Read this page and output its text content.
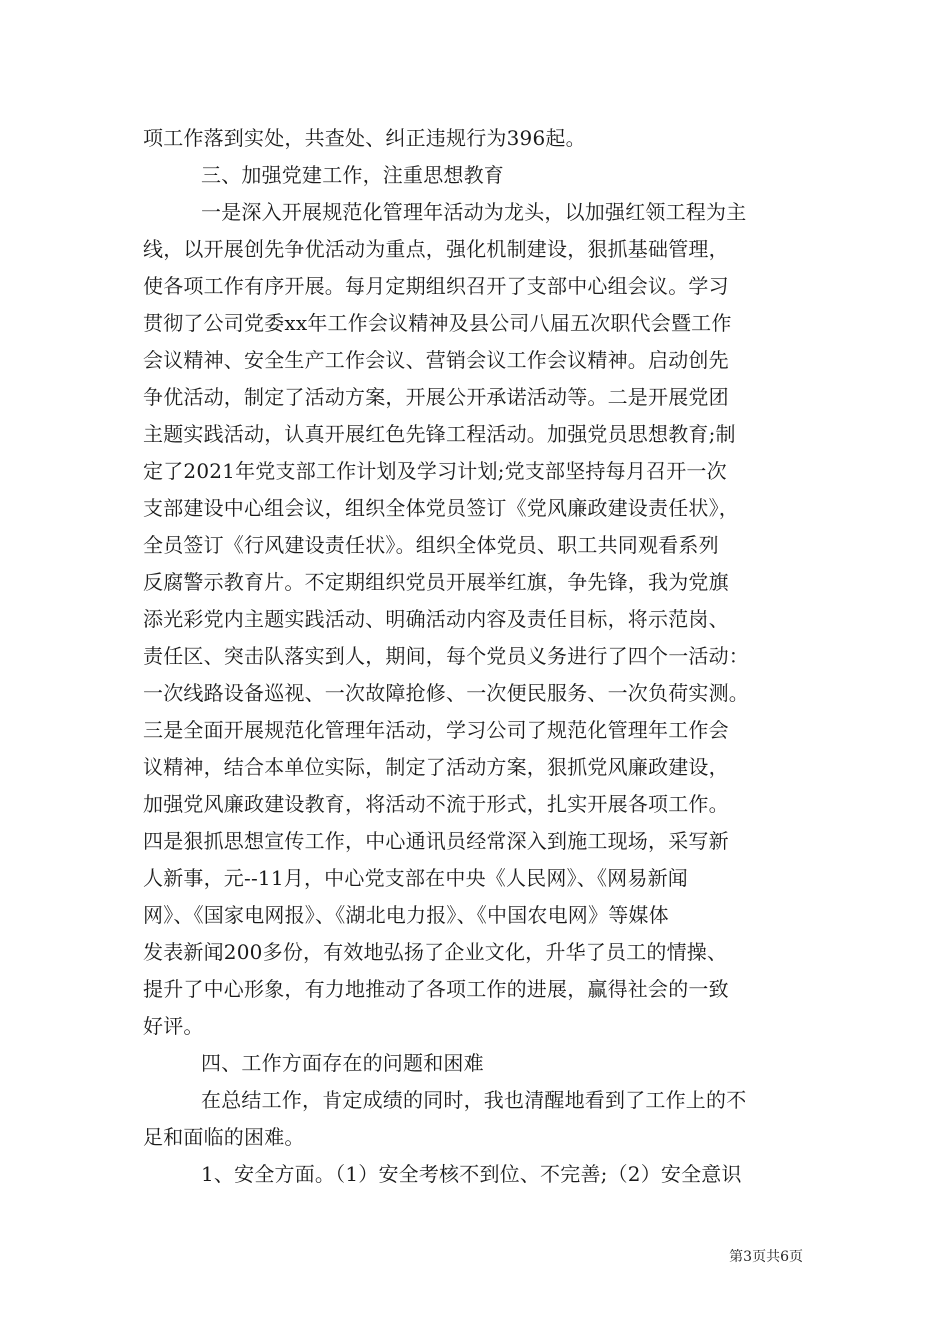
项工作落到实处，共查处、纠正违规行为396起。
三、加强党建工作，注重思想教育
一是深入开展规范化管理年活动为龙头，以加强红领工程为主
线，以开展创先争优活动为重点，强化机制建设，狠抓基础管理，
使各项工作有序开展。每月定期组织召开了支部中心组会议。学习
贯彻了公司党委xx年工作会议精神及县公司八届五次职代会暨工作
会议精神、安全生产工作会议、营销会议工作会议精神。启动创先
争优活动，制定了活动方案，开展公开承诺活动等。二是开展党团
主题实践活动，认真开展红色先锋工程活动。加强党员思想教育;制
定了2021年党支部工作计划及学习计划;党支部坚持每月召开一次
支部建设中心组会议，组织全体党员签订《党风廉政建设责任状》，
全员签订《行风建设责任状》。组织全体党员、职工共同观看系列
反腐警示教育片。不定期组织党员开展举红旗，争先锋，我为党旗
添光彩党内主题实践活动、明确活动内容及责任目标，将示范岗、
责任区、突击队落实到人，期间，每个党员义务进行了四个一活动：
一次线路设备巡视、一次故障抢修、一次便民服务、一次负荷实测。
三是全面开展规范化管理年活动，学习公司了规范化管理年工作会
议精神，结合本单位实际，制定了活动方案，狠抓党风廉政建设，
加强党风廉政建设教育，将活动不流于形式，扎实开展各项工作。
四是狠抓思想宣传工作，中心通讯员经常深入到施工现场，采写新
人新事，元--11月，中心党支部在中央《人民网》、《网易新闻
网》、《国家电网报》、《湖北电力报》、《中国农电网》等媒体
发表新闻200多份，有效地弘扬了企业文化，升华了员工的情操、
提升了中心形象，有力地推动了各项工作的进展，赢得社会的一致
好评。
四、工作方面存在的问题和困难
在总结工作，肯定成绩的同时，我也清醒地看到了工作上的不
足和面临的困难。
1、安全方面。（1）安全考核不到位、不完善;（2）安全意识
第3页共6页
